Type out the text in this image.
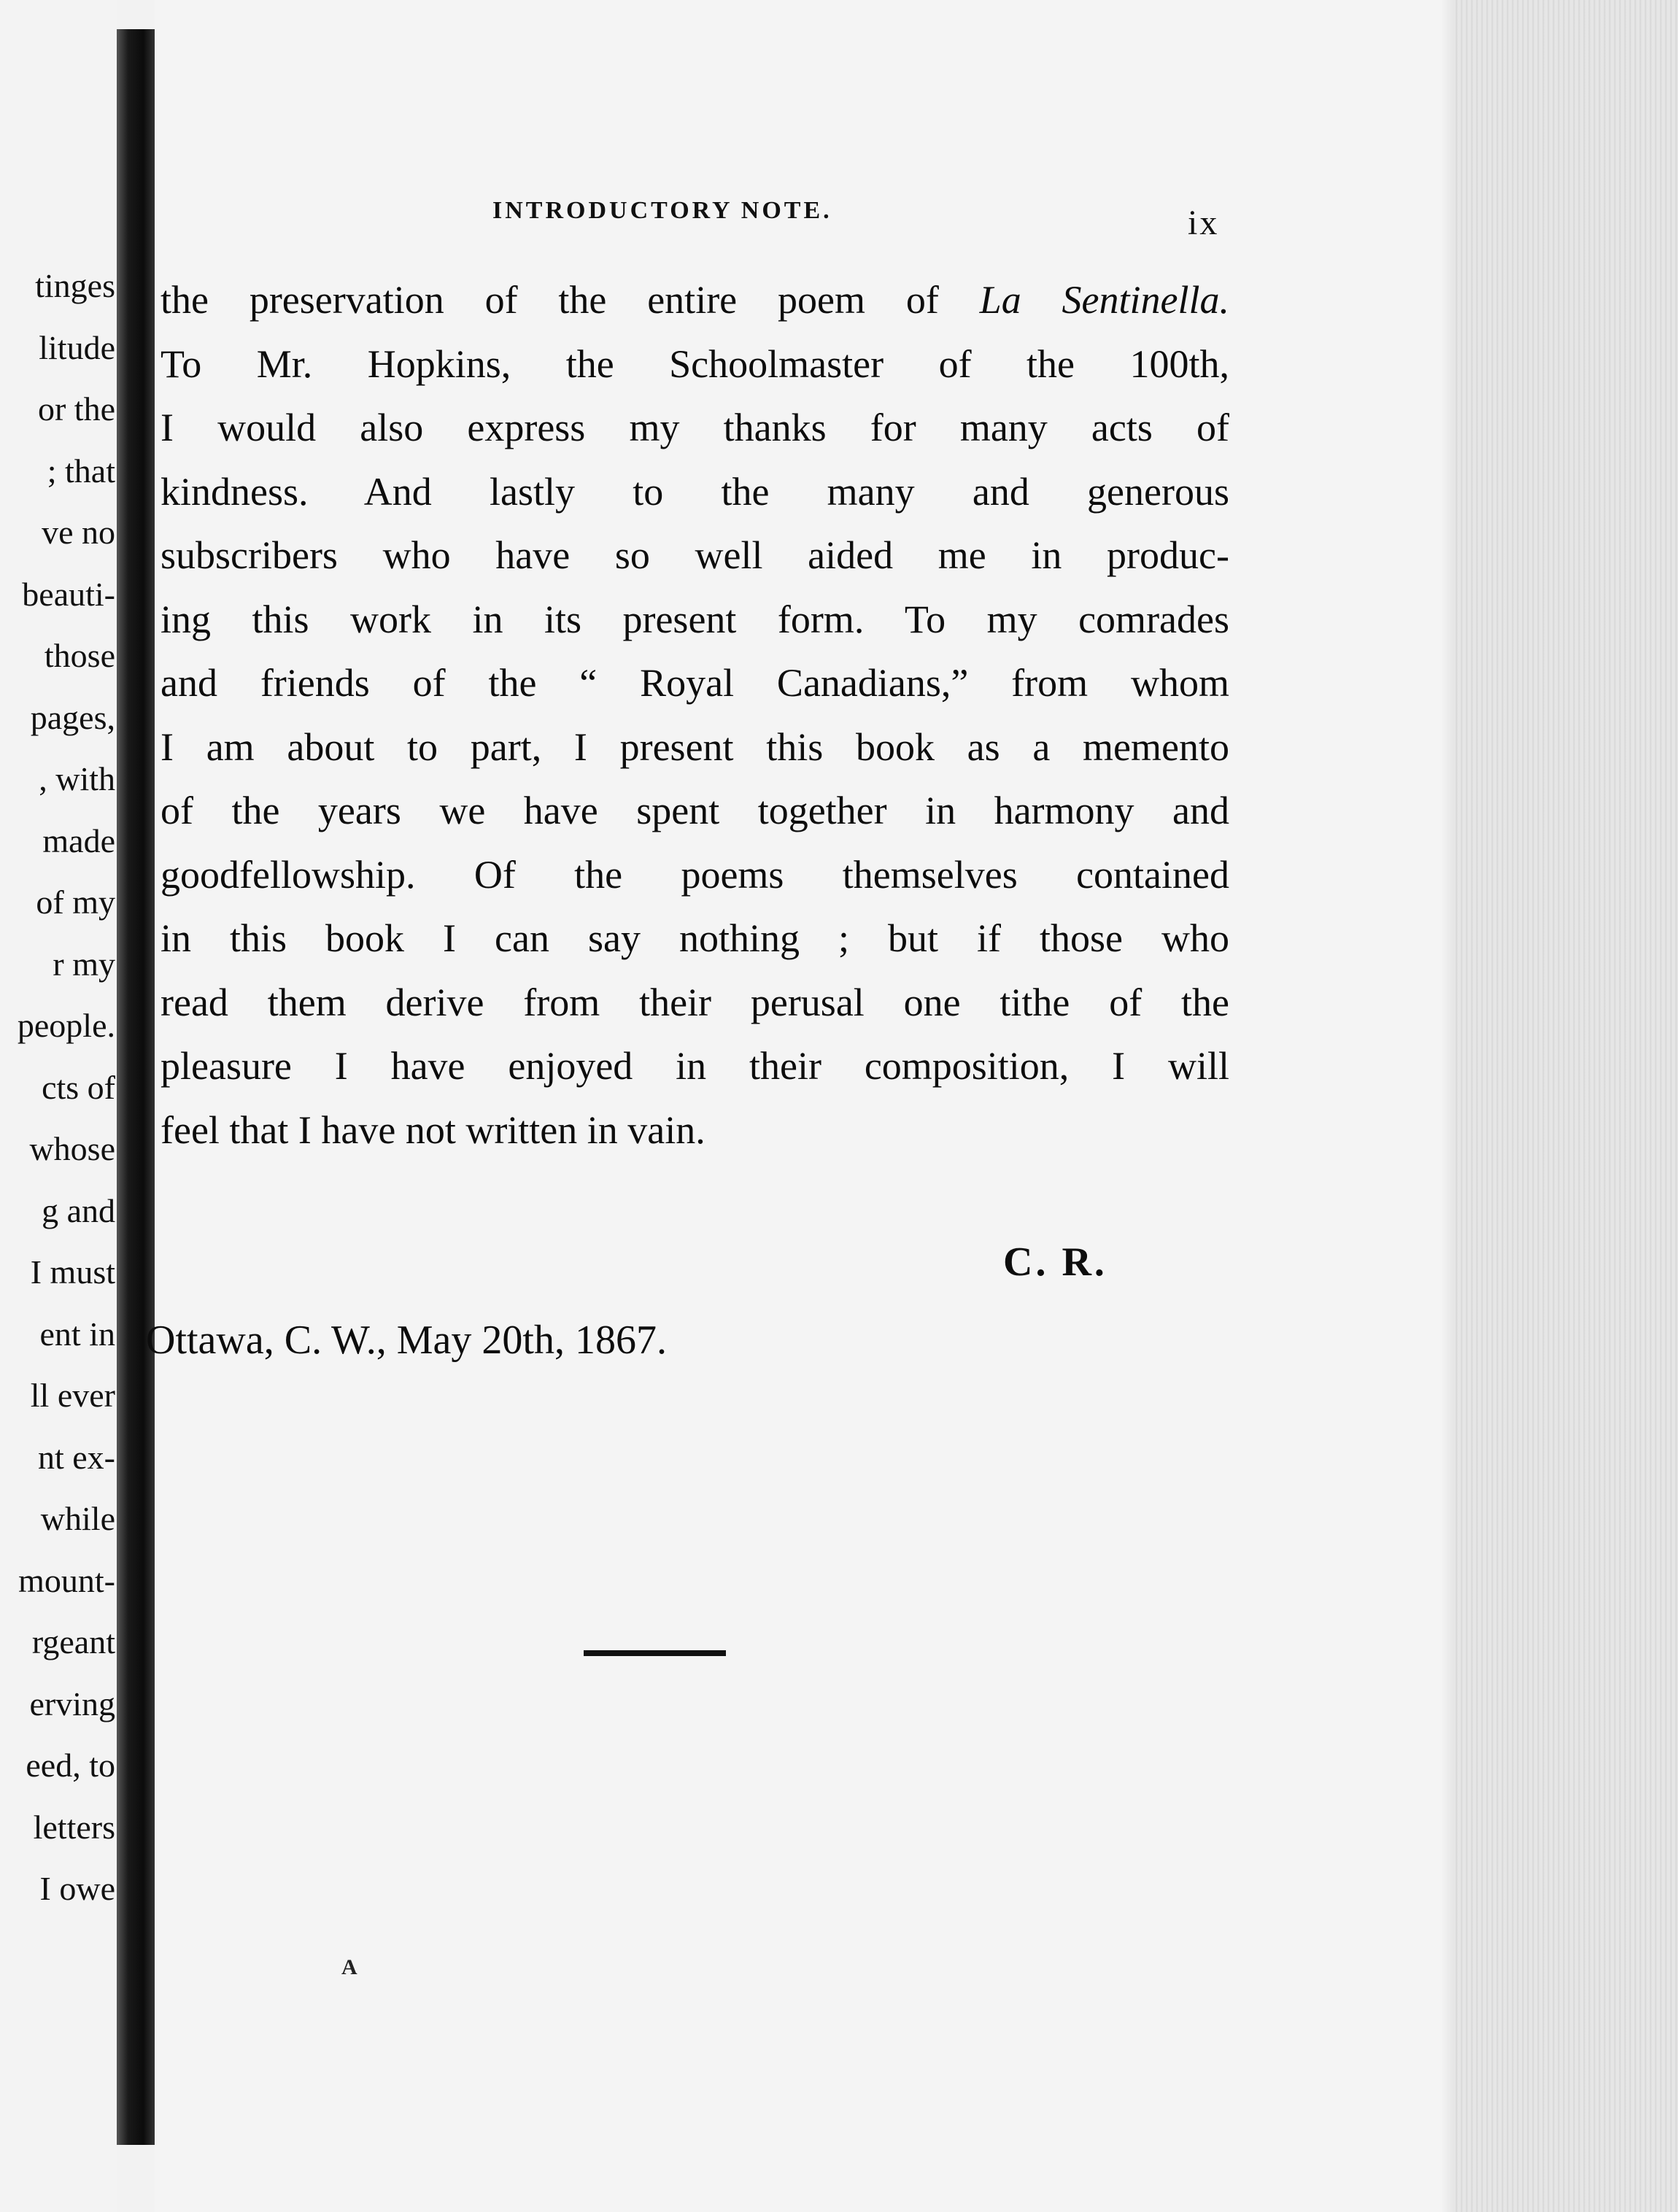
tinges
litude
or the
; that
ve no
beauti-
those
pages,
, with
made
of my
r my
people.
cts of
whose
g and
I must
ent in
ll ever
nt ex-
while
mount-
rgeant
erving
eed, to
letters
I owe
INTRODUCTORY NOTE.	ix
the preservation of the entire poem of La Sentinella.
To Mr. Hopkins, the Schoolmaster of the 100th,
I would also express my thanks for many acts of
kindness. And lastly to the many and generous
subscribers who have so well aided me in produc-
ing this work in its present form. To my comrades
and friends of the “ Royal Canadians,” from whom
I am about to part, I present this book as a memento
of the years we have spent together in harmony and
goodfellowship. Of the poems themselves contained
in this book I can say nothing ; but if those who
read them derive from their perusal one tithe of the
pleasure I have enjoyed in their composition, I will
feel that I have not written in vain.
C. R.
Ottawa, C. W., May 20th, 1867.
A
